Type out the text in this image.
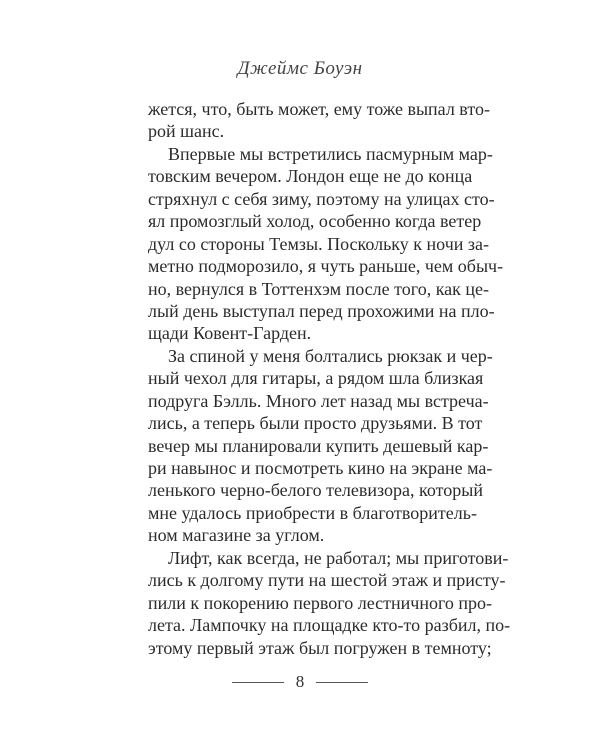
Джеймс Боуэн
жется, что, быть может, ему тоже выпал вто-
рой шанс.
Впервые мы встретились пасмурным мар-
товским вечером. Лондон еще не до конца
стряхнул с себя зиму, поэтому на улицах сто-
ял промозглый холод, особенно когда ветер
дул со стороны Темзы. Поскольку к ночи за-
метно подморозило, я чуть раньше, чем обыч-
но, вернулся в Тоттенхэм после того, как це-
лый день выступал перед прохожими на пло-
щади Ковент-Гарден.
За спиной у меня болтались рюкзак и чер-
ный чехол для гитары, а рядом шла близкая
подруга Бэлль. Много лет назад мы встреча-
лись, а теперь были просто друзьями. В тот
вечер мы планировали купить дешевый кар-
ри навынос и посмотреть кино на экране ма-
ленького черно-белого телевизора, который
мне удалось приобрести в благотворитель-
ном магазине за углом.
Лифт, как всегда, не работал; мы приготови-
лись к долгому пути на шестой этаж и присту-
пили к покорению первого лестничного про-
лета. Лампочку на площадке кто-то разбил, по-
этому первый этаж был погружен в темноту;
8
